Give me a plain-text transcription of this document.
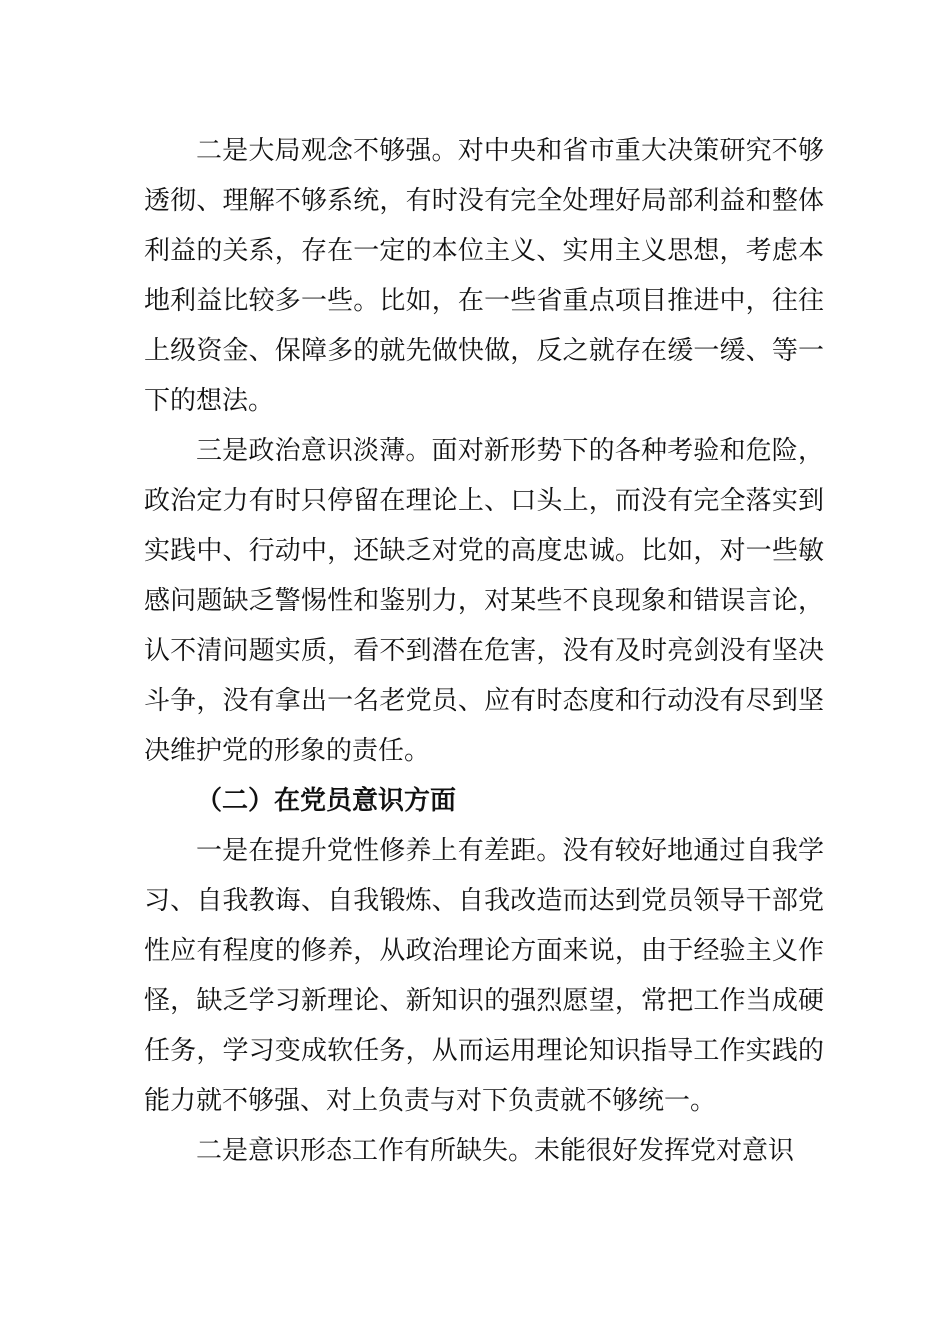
二是大局观念不够强。对中央和省市重大决策研究不够透彻、理解不够系统，有时没有完全处理好局部利益和整体利益的关系，存在一定的本位主义、实用主义思想，考虑本地利益比较多一些。比如，在一些省重点项目推进中，往往上级资金、保障多的就先做快做，反之就存在缓一缓、等一下的想法。

三是政治意识淡薄。面对新形势下的各种考验和危险，政治定力有时只停留在理论上、口头上，而没有完全落实到实践中、行动中，还缺乏对党的高度忠诚。比如，对一些敏感问题缺乏警惕性和鉴别力，对某些不良现象和错误言论，认不清问题实质，看不到潜在危害，没有及时亮剑没有坚决斗争，没有拿出一名老党员、应有时态度和行动没有尽到坚决维护党的形象的责任。

（二）在党员意识方面

一是在提升党性修养上有差距。没有较好地通过自我学习、自我教诲、自我锻炼、自我改造而达到党员领导干部党性应有程度的修养，从政治理论方面来说，由于经验主义作怪，缺乏学习新理论、新知识的强烈愿望，常把工作当成硬任务，学习变成软任务，从而运用理论知识指导工作实践的能力就不够强、对上负责与对下负责就不够统一。

二是意识形态工作有所缺失。未能很好发挥党对意识
